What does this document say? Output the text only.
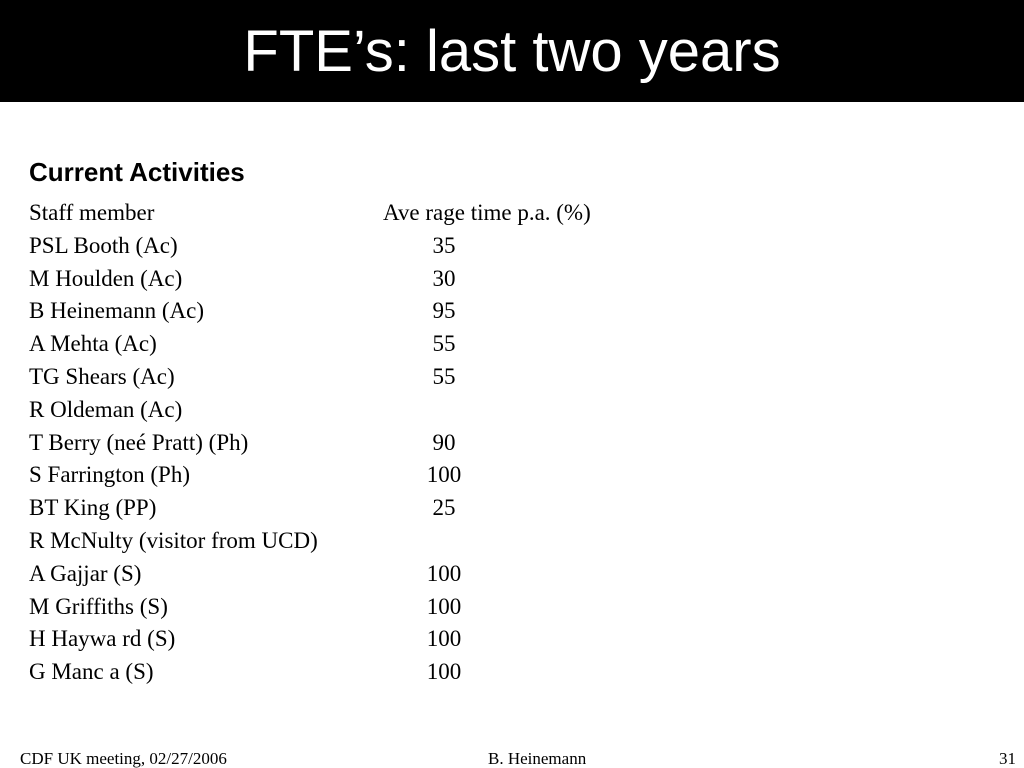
FTE’s: last two years
Current Activities
Staff member	Ave rage time p.a. (%)
PSL Booth (Ac)	35
M Houlden (Ac)	30
B Heinemann (Ac)	95
A Mehta (Ac)	55
TG Shears (Ac)	55
R Oldeman (Ac)
T Berry (neé Pratt) (Ph)	90
S Farrington (Ph)	100
BT King (PP)	25
R McNulty (visitor from UCD)
A Gajjar (S)	100
M Griffiths (S)	100
H Haywa rd (S)	100
G Manc a (S)	100
CDF UK meeting, 02/27/2006	B. Heinemann	31
